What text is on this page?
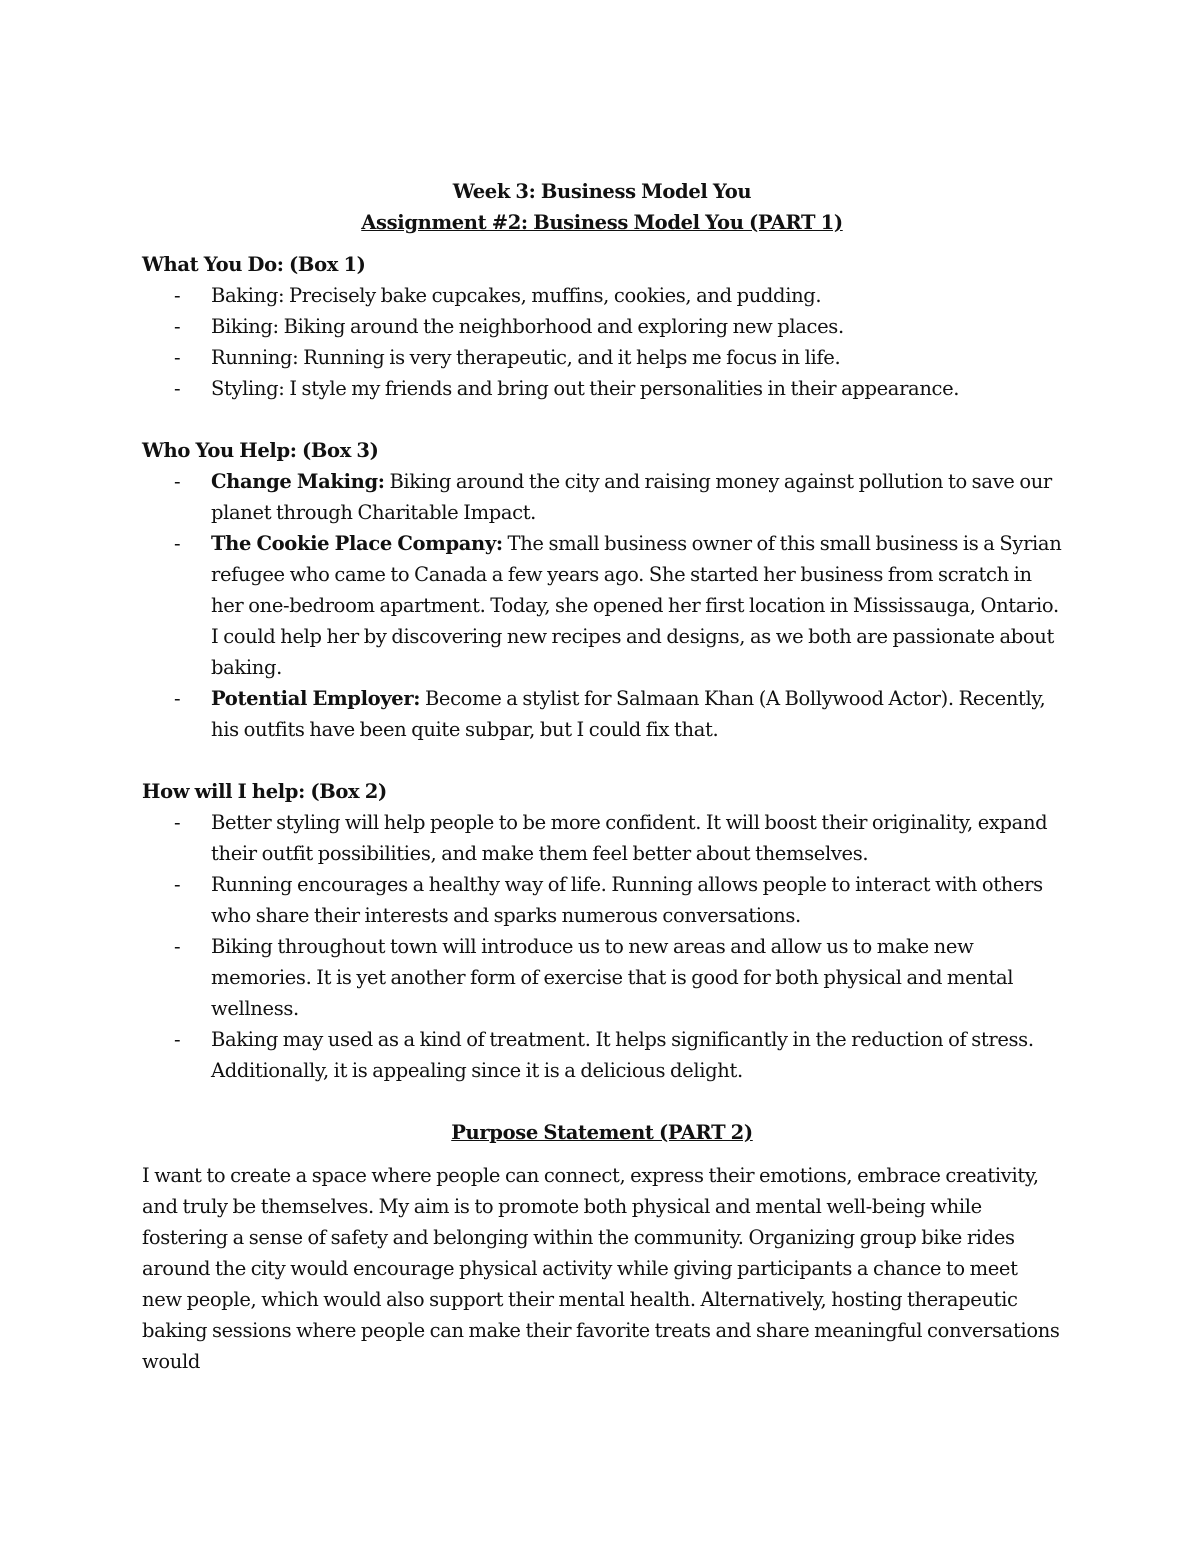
Week 3: Business Model You
Assignment #2: Business Model You (PART 1)
What You Do: (Box 1)
- Baking: Precisely bake cupcakes, muffins, cookies, and pudding.
- Biking: Biking around the neighborhood and exploring new places.
- Running: Running is very therapeutic, and it helps me focus in life.
- Styling: I style my friends and bring out their personalities in their appearance.
Who You Help: (Box 3)
- Change Making: Biking around the city and raising money against pollution to save our planet through Charitable Impact.
- The Cookie Place Company: The small business owner of this small business is a Syrian refugee who came to Canada a few years ago. She started her business from scratch in her one-bedroom apartment. Today, she opened her first location in Mississauga, Ontario. I could help her by discovering new recipes and designs, as we both are passionate about baking.
- Potential Employer: Become a stylist for Salmaan Khan (A Bollywood Actor). Recently, his outfits have been quite subpar, but I could fix that.
How will I help: (Box 2)
- Better styling will help people to be more confident. It will boost their originality, expand their outfit possibilities, and make them feel better about themselves.
- Running encourages a healthy way of life. Running allows people to interact with others who share their interests and sparks numerous conversations.
- Biking throughout town will introduce us to new areas and allow us to make new memories. It is yet another form of exercise that is good for both physical and mental wellness.
- Baking may used as a kind of treatment. It helps significantly in the reduction of stress. Additionally, it is appealing since it is a delicious delight.
Purpose Statement (PART 2)

I want to create a space where people can connect, express their emotions, embrace creativity, and truly be themselves. My aim is to promote both physical and mental well-being while fostering a sense of safety and belonging within the community. Organizing group bike rides around the city would encourage physical activity while giving participants a chance to meet new people, which would also support their mental health. Alternatively, hosting therapeutic baking sessions where people can make their favorite treats and share meaningful conversations would
